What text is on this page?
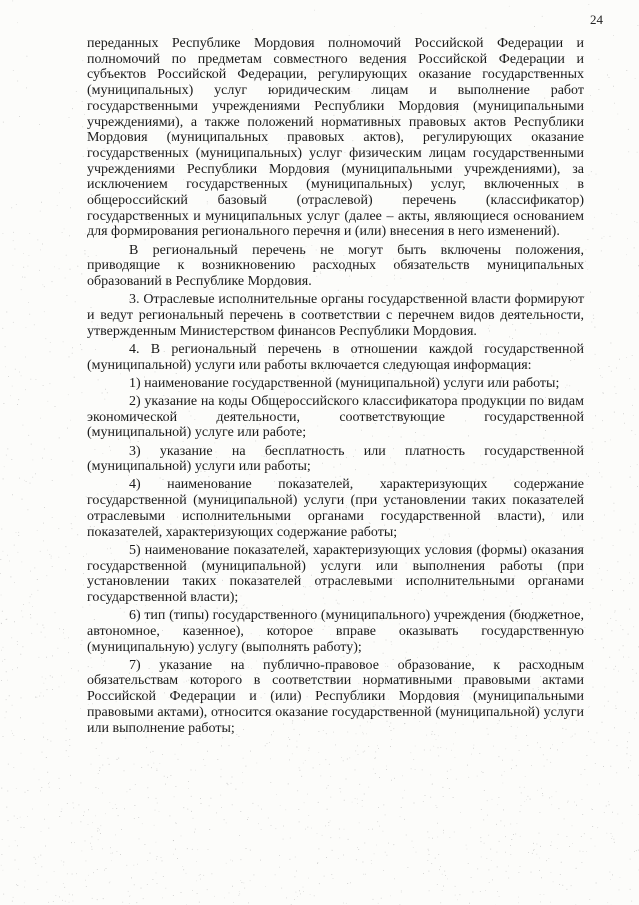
24

переданных Республике Мордовия полномочий Российской Федерации и полномочий по предметам совместного ведения Российской Федерации и субъектов Российской Федерации, регулирующих оказание государственных (муниципальных) услуг юридическим лицам и выполнение работ государственными учреждениями Республики Мордовия (муниципальными учреждениями), а также положений нормативных правовых актов Республики Мордовия (муниципальных правовых актов), регулирующих оказание государственных (муниципальных) услуг физическим лицам государственными учреждениями Республики Мордовия (муниципальными учреждениями), за исключением государственных (муниципальных) услуг, включенных в общероссийский базовый (отраслевой) перечень (классификатор) государственных и муниципальных услуг (далее – акты, являющиеся основанием для формирования регионального перечня и (или) внесения в него изменений).

В региональный перечень не могут быть включены положения, приводящие к возникновению расходных обязательств муниципальных образований в Республике Мордовия.

3. Отраслевые исполнительные органы государственной власти формируют и ведут региональный перечень в соответствии с перечнем видов деятельности, утвержденным Министерством финансов Республики Мордовия.

4. В региональный перечень в отношении каждой государственной (муниципальной) услуги или работы включается следующая информация:

1) наименование государственной (муниципальной) услуги или работы;

2) указание на коды Общероссийского классификатора продукции по видам экономической деятельности, соответствующие государственной (муниципальной) услуге или работе;

3) указание на бесплатность или платность государственной (муниципальной) услуги или работы;

4) наименование показателей, характеризующих содержание государственной (муниципальной) услуги (при установлении таких показателей отраслевыми исполнительными органами государственной власти), или показателей, характеризующих содержание работы;

5) наименование показателей, характеризующих условия (формы) оказания государственной (муниципальной) услуги или выполнения работы (при установлении таких показателей отраслевыми исполнительными органами государственной власти);

6) тип (типы) государственного (муниципального) учреждения (бюджетное, автономное, казенное), которое вправе оказывать государственную (муниципальную) услугу (выполнять работу);

7) указание на публично-правовое образование, к расходным обязательствам которого в соответствии нормативными правовыми актами Российской Федерации и (или) Республики Мордовия (муниципальными правовыми актами), относится оказание государственной (муниципальной) услуги или выполнение работы;
